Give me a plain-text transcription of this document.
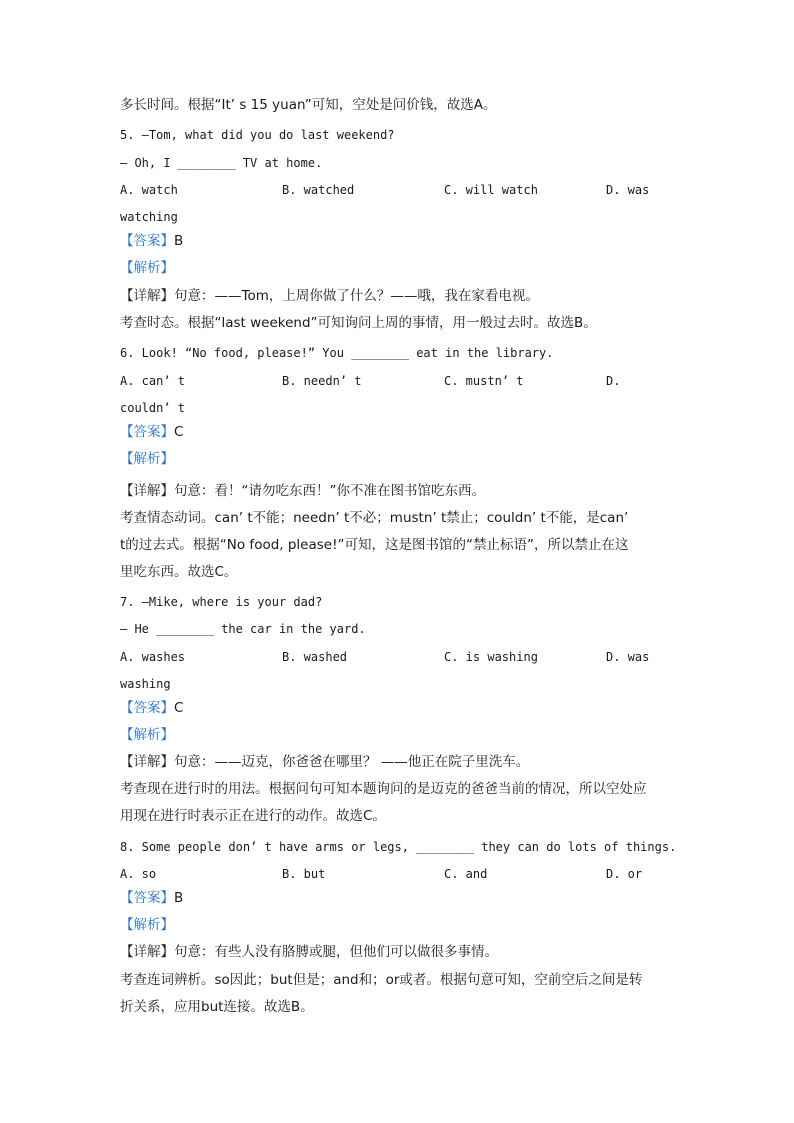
多长时间。根据“It’ s 15 yuan”可知，空处是问价钱，故选A。
5. —Tom, what did you do last weekend?
— Oh, I ________ TV at home.
A. watch	B. watched	C. will watch	D. was
watching
【答案】B
【解析】
【详解】句意：——Tom，上周你做了什么？——哦，我在家看电视。
考查时态。根据“last weekend”可知询问上周的事情，用一般过去时。故选B。
6. Look! “No food, please!” You ________ eat in the library.
A. can’ t	B. needn’ t	C. mustn’ t	D.
couldn’ t
【答案】C
【解析】
【详解】句意：看！“请勿吃东西！”你不准在图书馆吃东西。
考查情态动词。can’ t不能；needn’ t不必；mustn’ t禁止；couldn’ t不能，是can’
t的过去式。根据“No food, please!”可知，这是图书馆的“禁止标语”，所以禁止在这
里吃东西。故选C。
7. —Mike, where is your dad?
— He ________ the car in the yard.
A. washes	B. washed	C. is washing	D. was
washing
【答案】C
【解析】
【详解】句意：——迈克，你爸爸在哪里？ ——他正在院子里洗车。
考查现在进行时的用法。根据问句可知本题询问的是迈克的爸爸当前的情况，所以空处应
用现在进行时表示正在进行的动作。故选C。
8. Some people don’ t have arms or legs, ________ they can do lots of things.
A. so	B. but	C. and	D. or
【答案】B
【解析】
【详解】句意：有些人没有胳膊或腿，但他们可以做很多事情。
考查连词辨析。so因此；but但是；and和；or或者。根据句意可知，空前空后之间是转
折关系，应用but连接。故选B。
